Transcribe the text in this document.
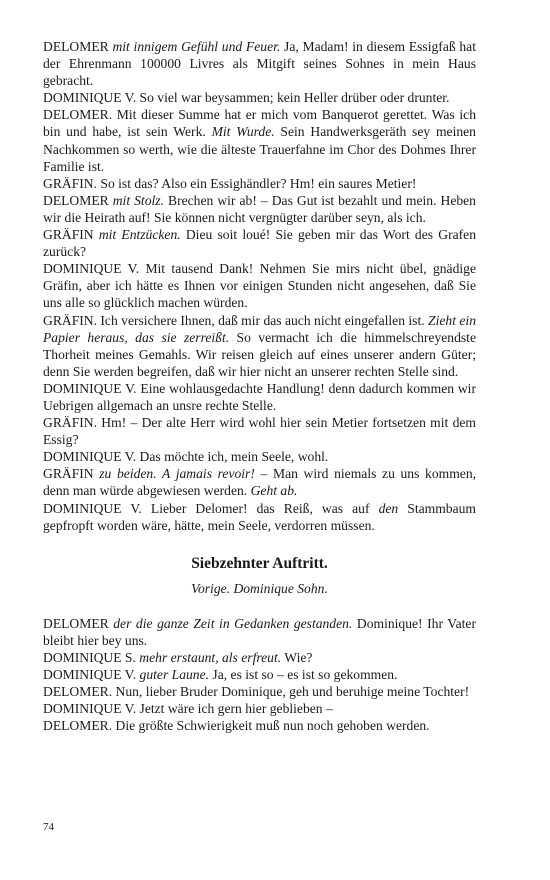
DELOMER mit innigem Gefühl und Feuer. Ja, Madam! in diesem Essigfaß hat der Ehrenmann 100000 Livres als Mitgift seines Sohnes in mein Haus gebracht.

DOMINIQUE V. So viel war beysammen; kein Heller drüber oder drunter.

DELOMER. Mit dieser Summe hat er mich vom Banquerot gerettet. Was ich bin und habe, ist sein Werk. Mit Wurde. Sein Handwerksgeräth sey meinen Nachkommen so werth, wie die älteste Trauerfahne im Chor des Dohmes Ihrer Familie ist.

GRÄFIN. So ist das? Also ein Essighändler? Hm! ein saures Metier!

DELOMER mit Stolz. Brechen wir ab! – Das Gut ist bezahlt und mein. Heben wir die Heirath auf! Sie können nicht vergnügter darüber seyn, als ich.

GRÄFIN mit Entzücken. Dieu soit loué! Sie geben mir das Wort des Grafen zurück?

DOMINIQUE V. Mit tausend Dank! Nehmen Sie mirs nicht übel, gnädige Gräfin, aber ich hätte es Ihnen vor einigen Stunden nicht angesehen, daß Sie uns alle so glücklich machen würden.

GRÄFIN. Ich versichere Ihnen, daß mir das auch nicht eingefallen ist. Zieht ein Papier heraus, das sie zerreißt. So vermacht ich die himmelschreyendste Thorheit meines Gemahls. Wir reisen gleich auf eines unserer andern Güter; denn Sie werden begreifen, daß wir hier nicht an unserer rechten Stelle sind.

DOMINIQUE V. Eine wohlausgedachte Handlung! denn dadurch kommen wir Uebrigen allgemach an unsre rechte Stelle.

GRÄFIN. Hm! – Der alte Herr wird wohl hier sein Metier fortsetzen mit dem Essig?

DOMINIQUE V. Das möchte ich, mein Seele, wohl.

GRÄFIN zu beiden. A jamais revoir! – Man wird niemals zu uns kommen, denn man würde abgewiesen werden. Geht ab.

DOMINIQUE V. Lieber Delomer! das Reiß, was auf den Stammbaum gepfropft worden wäre, hätte, mein Seele, verdorren müssen.

Siebzehnter Auftritt.
Vorige. Dominique Sohn.

DELOMER der die ganze Zeit in Gedanken gestanden. Dominique! Ihr Vater bleibt hier bey uns.

DOMINIQUE S. mehr erstaunt, als erfreut. Wie?

DOMINIQUE V. guter Laune. Ja, es ist so – es ist so gekommen.

DELOMER. Nun, lieber Bruder Dominique, geh und beruhige meine Tochter!

DOMINIQUE V. Jetzt wäre ich gern hier geblieben –

DELOMER. Die größte Schwierigkeit muß nun noch gehoben werden.

74
